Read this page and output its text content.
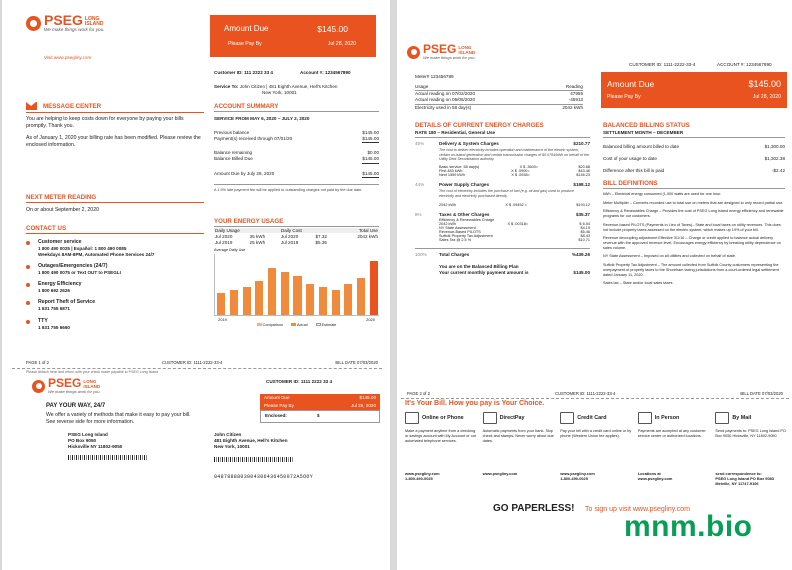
PSEG LONG
ISLAND
We make things work for you.
Visit www.psegliny.com
Amount Due	$145.00
Please Pay By	Jul 28, 2020
Customer ID: 111 2222 33 4	Account #: 1234567890
Service To: John Citizen | 481 Eighth Avenue, Hell's Kitchen
New York, 10001
MESSAGE CENTER
You are helping to keep costs down for everyone by paying your bills promptly. Thank you.
As of January 1, 2020 your billing rate has been modified. Please review the enclosed information.
ACCOUNT SUMMARY
SERVICE FROM MAY 6, 2020 – JULY 2, 2020
Previous balance	$145.00
Payment(s) received through 07/01/20	$145.00
Balance remaining	$0.00
Balance Billed Due	$145.00
Amount Due by July 28, 2020	$145.00
A 1.5% late payment fee will be applied to outstanding charges not paid by the due date.
NEXT METER READING
On or about September 2, 2020
CONTACT US
Customer service
1 800 490 0025 | Español: 1 800 490 0085
Weekdays 8AM-8PM, Automated Phone Services 24/7
Outages/Emergencies (24/7)
1 800 490 0075 or Text OUT to PSEGLI
Energy Efficiency
1 800 692 2626
Report Theft of Service
1 631 755 6871
TTY
1 631 755 6660
YOUR ENERGY USAGE
Daily Usage		Daily Cost		Total Use
Jul 2020	35 kWh	Jul 2020	$7.32	2042 kWh
Jul 2019	25 kWh	Jul 2019	$5.36	
Average Daily Use
2019	2020
Comparison	Actual	Estimate
PAGE 1 of 2	CUSTOMER ID: 1111-2222-33-4	BILL DATE 07/03/2020
Please detach here and return with your check made payable to PSEG Long Island
PSEG LONG
ISLAND
We make things work for you.
PAY YOUR WAY, 24/7
We offer a variety of methods that make it easy to pay your bill. See reverse side for more information.
PSEG Long Island
PO Box 9050
Hicksville NY 11802-9050
CUSTOMER ID: 1111 2222 33 4
Amount Due	$145.00
Please Pay By	Jul 28, 2020
Enclosed:	$
John Citizen
481 Eighth Avenue, Hell's Kitchen
New York, 10001
0487888803004306436450072A5OOY
PSEG LONG
ISLAND
We make things work for you.
CUSTOMER ID: 1111-2222-33-4	ACCOUNT #: 1234567890
Meter# 123456789
Usage	Reading
Actual reading on 07/02/2020	47955
Actual reading on 05/05/2020	-45913
Electricity used in 58 day(s)	2042 kWh
Amount Due	$145.00
Please Pay By	Jul 28, 2020
DETAILS OF CURRENT ENERGY CHARGES
RATE 180 – Residential, General Use
46%	Delivery & System Charges	$210.77
The cost to deliver electricity includes operation and maintenance of the electric system, certain on-island generation and certain transmission charges of $0.0764/kWh on behalf of the Utility Debt Securitization authority.
Basic service: 58 day(s)	X $ .3600=	$20.88
First 483 kWh	X $ .0900=	$43.46
Next 1559 kWh	X $ .0938=	$146.23
44%	Power Supply Charges	$198.12
The cost of electricity includes the purchase of fuel (e.g. oil and gas) used to produce electricity and electricity purchased directly.
2042 kWh	X $ .09452 =	$193.12
8%	Taxes & Other Charges	$35.37
Efficiency & Renewables Charge
2042 kWh	X $ .00318=	$ 6.54
NY State Assessment	$4.19
Revenue-Based PILOTS	$5.46
Suffolk Property Tax Adjustment	$8.43
Sales Tax @ 2.5 %	$10.71
100%	Total Charges	%439.26
You are on the Balanced Billing Plan
Your current monthly payment amount is	$145.00
BALANCED BILLING STATUS
SETTLEMENT MONTH – DECEMBER
Balanced billing amount billed to date	$1,300.00
Cost of your usage to date	$1,302.38
Difference after this bill is paid	-$2.42
BILL DEFINITIONS
kWh – Electrical energy consumed (1,000 watts are used for one hour.
Meter Multiplier – Converts recorded use to total use on meters that are designed to only record partial use.
Efficiency & Renewables Charge – Provides the cost of PSEG Long Island energy efficiency and renewable programs for our customers.
Revenue-based PILOTS (Payments in Lieu of Taxes)– State and local taxes on utility revenues. This does not include property taxes assessed on the electric system, which makes up 19% of your bill.
Revenue decoupling adjustment Effective 3/1/16 – Charge or credit applied to balance actual delivery revenue with the approved revenue level. Encourages energy efficiency by breaking utility dependence on sales volume.
NY State Assessment – Imposed on all utilities and collected on behalf of state.
Suffolk Property Tax Adjustment – The amount collected from Suffolk County customers representing the overpayment of property taxes to the Shoreham taxing jurisdictions from a court-ordered legal settlement dated January 11, 2020.
Sales tax – State and/or local sales taxes.
PAGE 2 of 2	CUSTOMER ID: 1111-2222-33-4	BILL DATE 07/03/2020
It's Your Bill. How you pay is Your Choice.
Online or Phone
Make a payment anytime from a checking or savings account with My Account or our automated telephone services.
www.psegliny.com
1-800-490-0025
DirectPay
Automatic payments from your bank. Skip check and stamps. Never worry about due dates.
www.psegliny.com
Credit Card
Pay your bill with a credit card online or by phone (Western Union fee applies).
www.psegliny.com
1-800-490-0025
In Person
Payments are accepted at any customer service center or authorized locations.
Locations at
www.psegliny.com
By Mail
Send payments to: PSEG Long Island PO Box 9050 Hicksville, NY 11802-9050
send correspondence to:
PSEG Long Island PO Box 9083 Melville, NY 11747-9106
GO PAPERLESS! To sign up visit www.psegliny.com
mnm.bio
